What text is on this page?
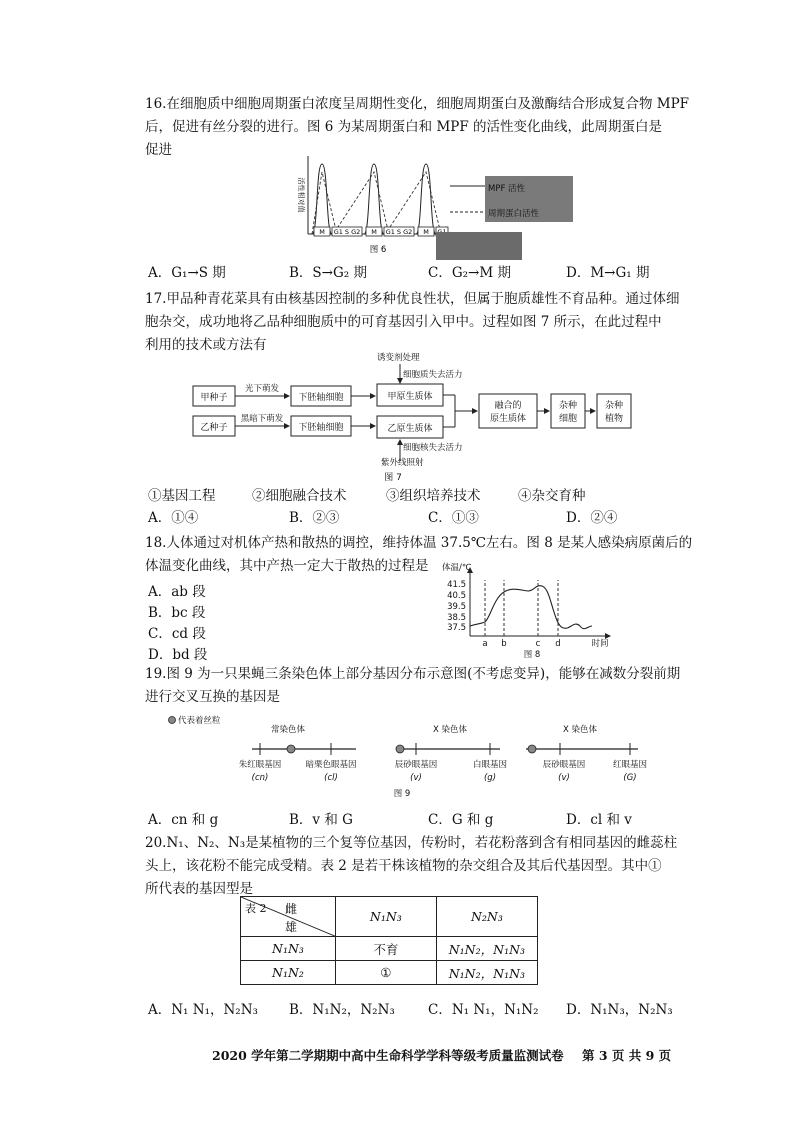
16.在细胞质中细胞周期蛋白浓度呈周期性变化，细胞周期蛋白及激酶结合形成复合物 MPF
后，促进有丝分裂的进行。图 6 为某周期蛋白和 MPF 的活性变化曲线，此周期蛋白是
促进
活性相对值
M G1 S G2 M G1 S G2 M
MPF 活性
周期蛋白活性
图 6
A．G₁→S 期	B．S→G₂ 期	C．G₂→M 期	D．M→G₁ 期
17.甲品种青花菜具有由核基因控制的多种优良性状，但属于胞质雄性不育品种。通过体细
胞杂交，成功地将乙品种细胞质中的可育基因引入甲中。过程如图 7 所示，在此过程中
利用的技术或方法有
甲种子
乙种子
光下萌发
黑暗下萌发
下胚轴细胞
下胚轴细胞
甲原生质体
乙原生质体
诱变剂处理
细胞质失去活力
细胞核失去活力
紫外线照射
融合的
原生质体
杂种
细胞
杂种
植物
图 7
①基因工程	②细胞融合技术	③组织培养技术	④杂交育种
A．①④	B．②③	C．①③	D．②④
18.人体通过对机体产热和散热的调控，维持体温 37.5℃左右。图 8 是某人感染病原菌后的
体温变化曲线，其中产热一定大于散热的过程是
A．ab 段
B．bc 段
C．cd 段
D．bd 段
体温/℃
41.5
40.5
39.5
38.5
37.5
a b	c d	时间
图 8
19.图 9 为一只果蝇三条染色体上部分基因分布示意图(不考虑变异)，能够在减数分裂前期
进行交叉互换的基因是
代表着丝粒
常染色体
朱红眼基因
(cn)
暗栗色眼基因
(cl)
X 染色体
辰砂眼基因
(v)
白眼基因
(g)
X 染色体
辰砂眼基因
(v)
红眼基因
(G)
图 9
A．cn 和 g	B．v 和 G	C．G 和 g	D．cl 和 v
20.N₁、N₂、N₃是某植物的三个复等位基因，传粉时，若花粉落到含有相同基因的雌蕊柱
头上，该花粉不能完成受精。表 2 是若干株该植物的杂交组合及其后代基因型。其中①
所代表的基因型是
表 2 雌
雄	N₁N₃	N₂N₃
N₁N₃	不育	N₁N₂，N₁N₃
N₁N₂	①	N₁N₂，N₁N₃
A．N₁ N₁，N₂N₃ B．N₁N₂，N₂N₃ C．N₁ N₁，N₁N₂ D．N₁N₃，N₂N₃
2020 学年第二学期期中高中生命科学学科等级考质量监测试卷 第 3 页 共 9 页
